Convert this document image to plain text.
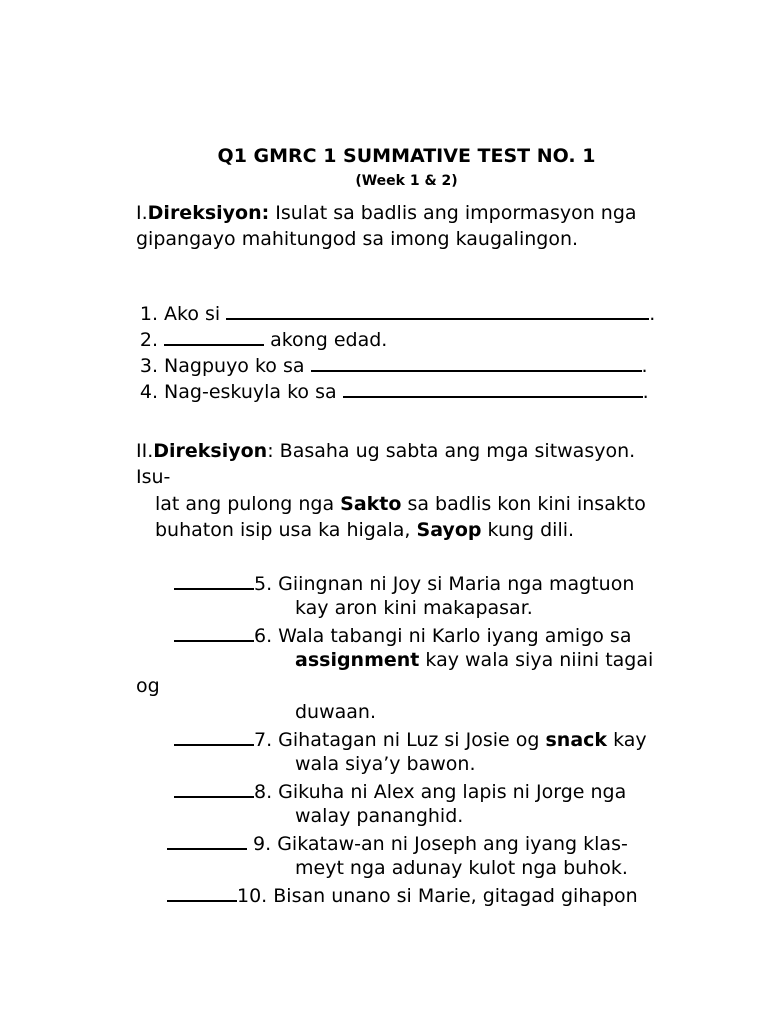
Q1 GMRC 1 SUMMATIVE TEST NO. 1
(Week 1 & 2)
I.Direksiyon: Isulat sa badlis ang impormasyon nga
gipangayo mahitungod sa imong kaugalingon.
1. Ako si	.
2.	akong edad.
3. Nagpuyo ko sa	.
4. Nag-eskuyla ko sa	.
II.Direksiyon: Basaha ug sabta ang mga sitwasyon.
Isu-
lat ang pulong nga Sakto sa badlis kon kini insakto
buhaton isip usa ka higala, Sayop kung dili.
5. Giingnan ni Joy si Maria nga magtuon
kay aron kini makapasar.
6. Wala tabangi ni Karlo iyang amigo sa
assignment kay wala siya niini tagai
og
duwaan.
7. Gihatagan ni Luz si Josie og snack kay
wala siya’y bawon.
8. Gikuha ni Alex ang lapis ni Jorge nga
walay pananghid.
9. Gikataw-an ni Joseph ang iyang klas-
meyt nga adunay kulot nga buhok.
10. Bisan unano si Marie, gitagad gihapon
